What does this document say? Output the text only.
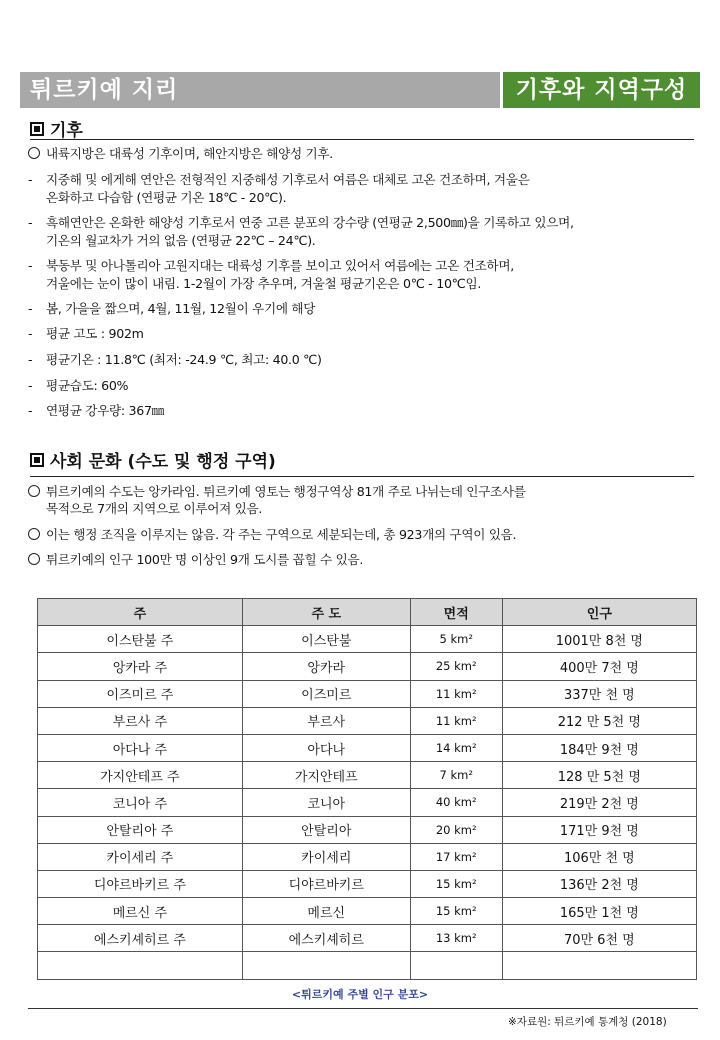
튀르키예 지리	기후와 지역구성
기후
내륙지방은 대륙성 기후이며, 해안지방은 해양성 기후.
- 지중해 및 에게해 연안은 전형적인 지중해성 기후로서 여름은 대체로 고온 건조하며, 겨울은
온화하고 다습함 (연평균 기온 18℃ - 20℃).
- 흑해연안은 온화한 해양성 기후로서 연중 고른 분포의 강수량 (연평균 2,500㎜)을 기록하고 있으며,
기온의 월교차가 거의 없음 (연평균 22℃ – 24℃).
- 북동부 및 아나톨리아 고원지대는 대륙성 기후를 보이고 있어서 여름에는 고온 건조하며,
겨울에는 눈이 많이 내림. 1-2월이 가장 추우며, 겨울철 평균기온은 0℃ - 10℃임.
- 봄, 가을을 짧으며, 4월, 11월, 12월이 우기에 해당
- 평균 고도 : 902m
- 평균기온 : 11.8℃ (최저: -24.9 ℃, 최고: 40.0 ℃)
- 평균습도: 60%
- 연평균 강우량: 367㎜
사회 문화 (수도 및 행정 구역)
튀르키예의 수도는 앙카라임. 튀르키예 영토는 행정구역상 81개 주로 나뉘는데 인구조사를
목적으로 7개의 지역으로 이루어져 있음.
이는 행정 조직을 이루지는 않음. 각 주는 구역으로 세분되는데, 총 923개의 구역이 있음.
튀르키예의 인구 100만 명 이상인 9개 도시를 꼽힐 수 있음.
주	주 도	면적	인구
이스탄불 주	이스탄불	5 km²	1001만 8천 명
앙카라 주	앙카라	25 km²	400만 7천 명
이즈미르 주	이즈미르	11 km²	337만 천 명
부르사 주	부르사	11 km²	212 만 5천 명
아다나 주	아다나	14 km²	184만 9천 명
가지안테프 주	가지안테프	7 km²	128 만 5천 명
코니아 주	코니아	40 km²	219만 2천 명
안탈리아 주	안탈리아	20 km²	171만 9천 명
카이세리 주	카이세리	17 km²	106만 천 명
디야르바키르 주	디야르바키르	15 km²	136만 2천 명
메르신 주	메르신	15 km²	165만 1천 명
에스키셰히르 주	에스키셰히르	13 km²	70만 6천 명

<튀르키예 주별 인구 분포>
※자료원: 튀르키예 통계청 (2018)
